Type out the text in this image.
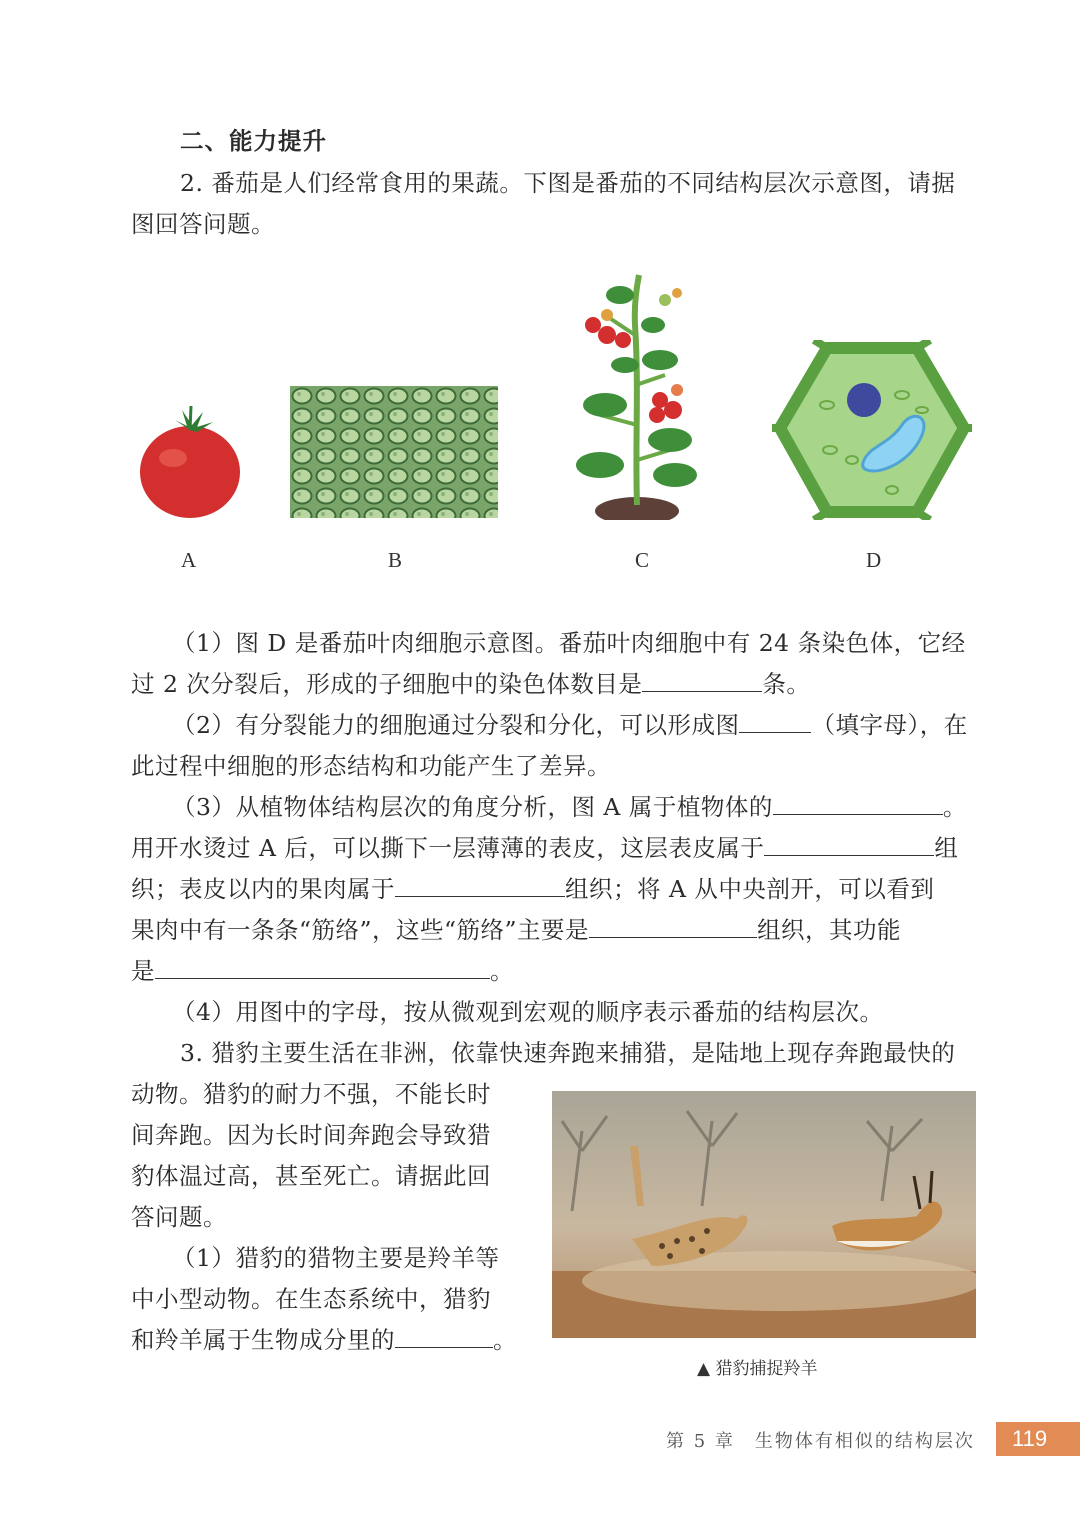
二、能力提升
2. 番茄是人们经常食用的果蔬。下图是番茄的不同结构层次示意图，请据
图回答问题。
A	B	C	D
（1）图 D 是番茄叶肉细胞示意图。番茄叶肉细胞中有 24 条染色体，它经
过 2 次分裂后，形成的子细胞中的染色体数目是	条。
（2）有分裂能力的细胞通过分裂和分化，可以形成图	（填字母），在
此过程中细胞的形态结构和功能产生了差异。
（3）从植物体结构层次的角度分析，图 A 属于植物体的	。
用开水烫过 A 后，可以撕下一层薄薄的表皮，这层表皮属于	组
织；表皮以内的果肉属于	组织；将 A 从中央剖开，可以看到
果肉中有一条条“筋络”，这些“筋络”主要是	组织，其功能
是	。
（4）用图中的字母，按从微观到宏观的顺序表示番茄的结构层次。
3. 猎豹主要生活在非洲，依靠快速奔跑来捕猎，是陆地上现存奔跑最快的
动物。猎豹的耐力不强，不能长时
间奔跑。因为长时间奔跑会导致猎
豹体温过高，甚至死亡。请据此回
答问题。
（1）猎豹的猎物主要是羚羊等
中小型动物。在生态系统中，猎豹
和羚羊属于生物成分里的	。
▲ 猎豹捕捉羚羊
第 5 章　生物体有相似的结构层次 119
